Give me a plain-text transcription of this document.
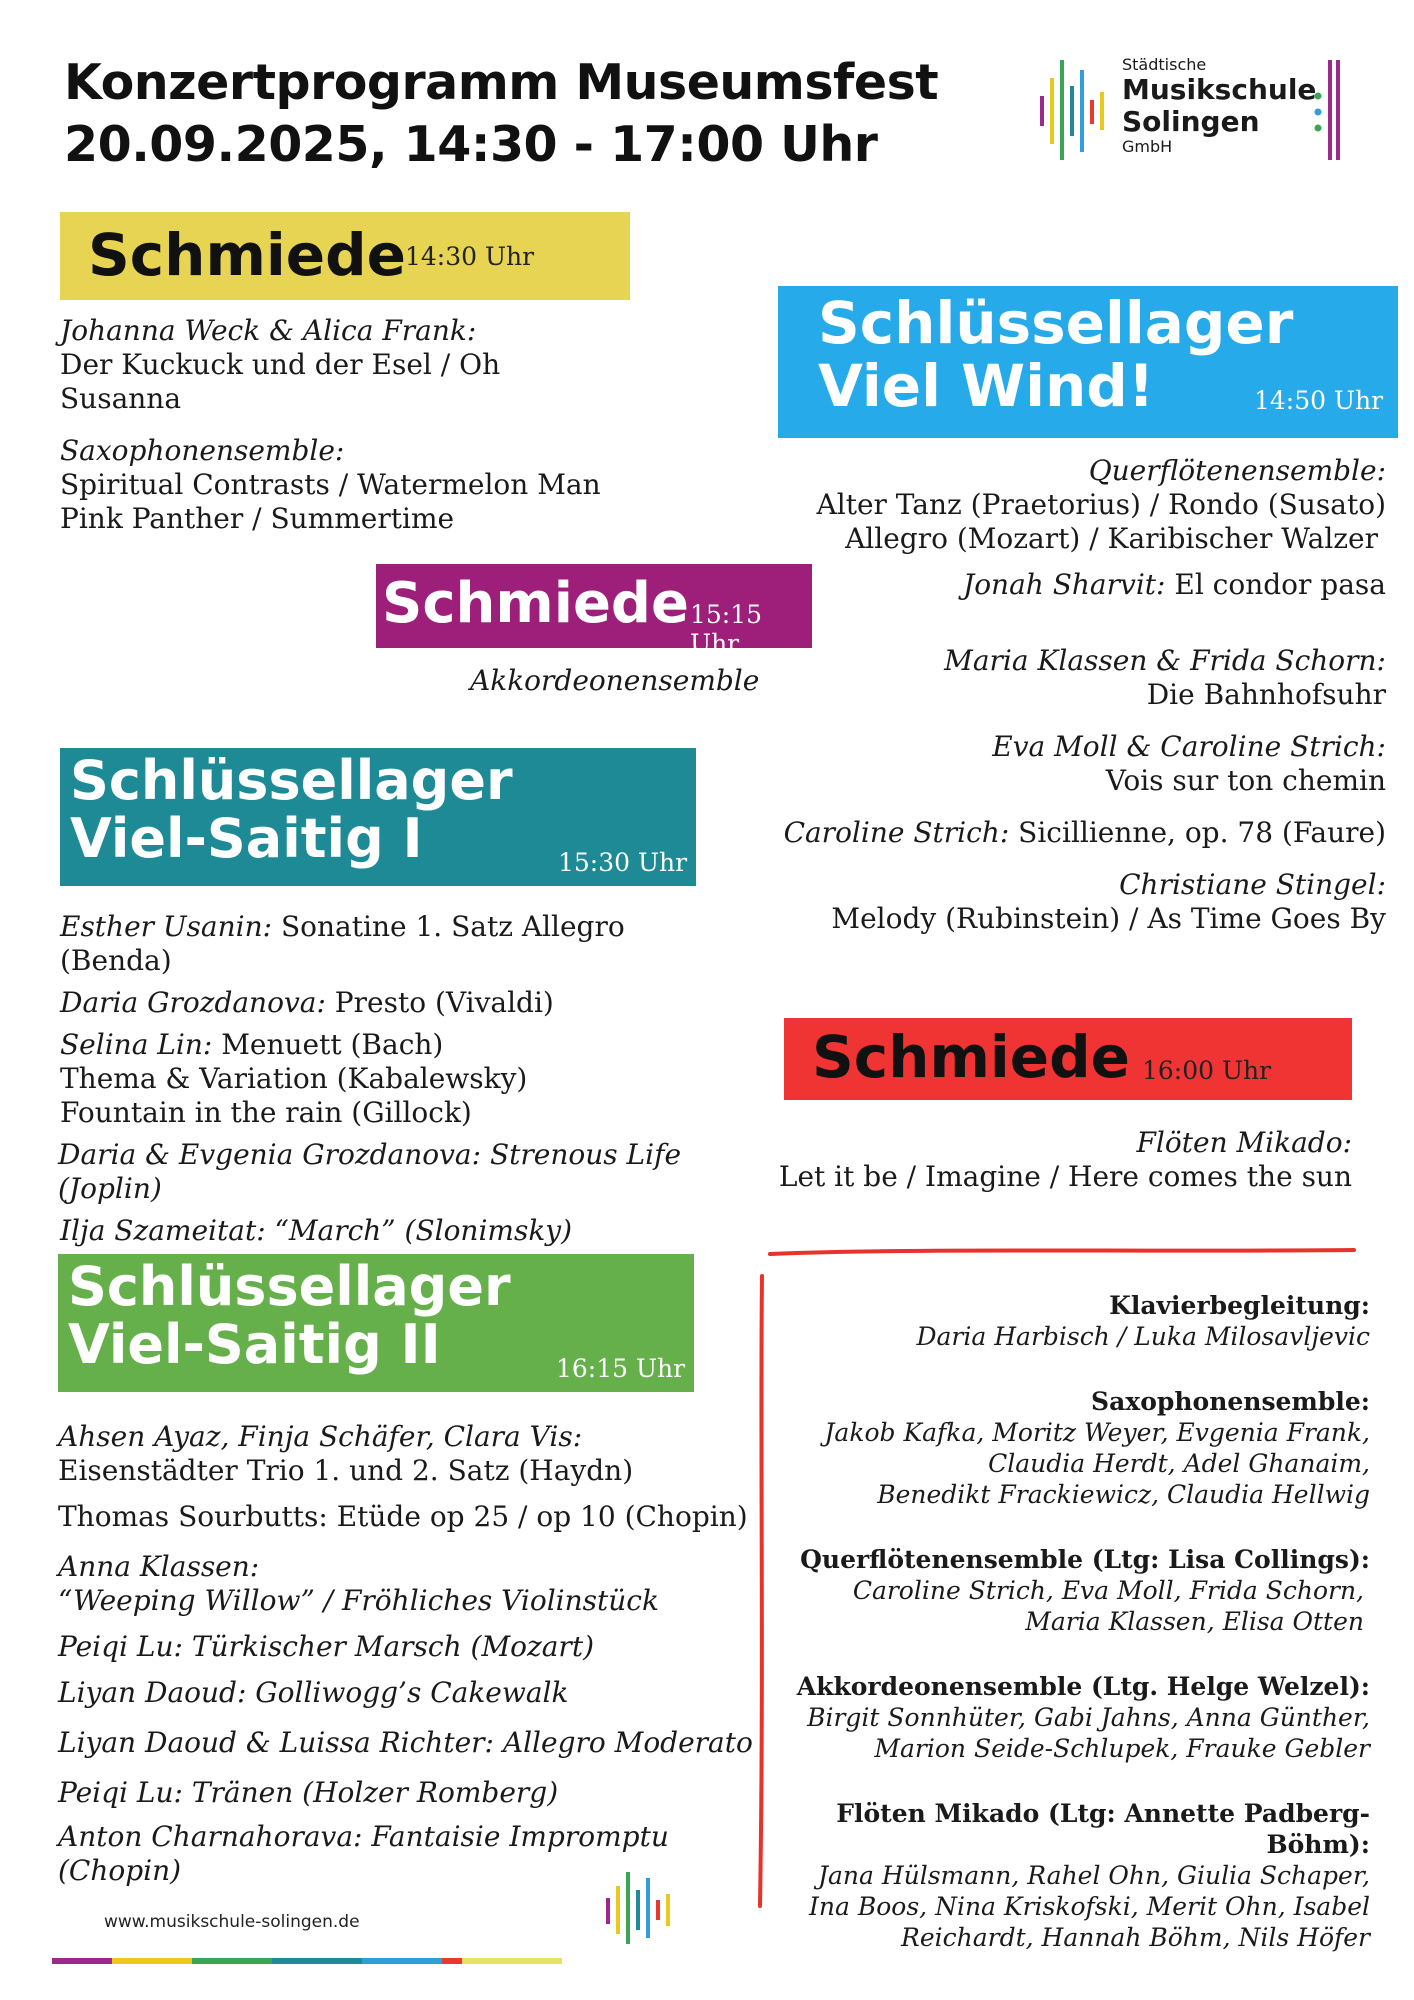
Konzertprogramm Museumsfest
20.09.2025, 14:30 - 17:00 Uhr
Städtische
Musikschule
Solingen
GmbH
Schmiede 14:30 Uhr
Johanna Weck & Alica Frank:
Der Kuckuck und der Esel / Oh Susanna
Saxophonensemble:
Spiritual Contrasts / Watermelon Man
Pink Panther / Summertime
Schmiede 15:15 Uhr
Akkordeonensemble
Schlüssellager
Viel-Saitig I	15:30 Uhr
Esther Usanin: Sonatine 1. Satz Allegro (Benda)
Daria Grozdanova: Presto (Vivaldi)
Selina Lin: Menuett (Bach)
Thema & Variation (Kabalewsky)
Fountain in the rain (Gillock)
Daria & Evgenia Grozdanova: Strenous Life (Joplin)
Ilja Szameitat: “March” (Slonimsky)
Schlüssellager
Viel-Saitig II	16:15 Uhr
Ahsen Ayaz, Finja Schäfer, Clara Vis:
Eisenstädter Trio 1. und 2. Satz (Haydn)
Thomas Sourbutts: Etüde op 25 / op 10 (Chopin)
Anna Klassen:
“Weeping Willow” / Fröhliches Violinstück
Peiqi Lu: Türkischer Marsch (Mozart)
Liyan Daoud: Golliwogg’s Cakewalk
Liyan Daoud & Luissa Richter: Allegro Moderato
Peiqi Lu: Tränen (Holzer Romberg)
Anton Charnahorava: Fantaisie Impromptu (Chopin)
Schlüssellager
Viel Wind!	14:50 Uhr
Querflötenensemble:
Alter Tanz (Praetorius) / Rondo (Susato)
Allegro (Mozart) / Karibischer Walzer
Jonah Sharvit: El condor pasa
Maria Klassen & Frida Schorn:
Die Bahnhofsuhr
Eva Moll & Caroline Strich:
Vois sur ton chemin
Caroline Strich: Sicillienne, op. 78 (Faure)
Christiane Stingel:
Melody (Rubinstein) / As Time Goes By
Schmiede 16:00 Uhr
Flöten Mikado:
Let it be / Imagine / Here comes the sun
Klavierbegleitung:
Daria Harbisch / Luka Milosavljevic
Saxophonensemble:
Jakob Kafka, Moritz Weyer, Evgenia Frank,
Claudia Herdt, Adel Ghanaim,
Benedikt Frackiewicz, Claudia Hellwig
Querflötenensemble (Ltg: Lisa Collings):
Caroline Strich, Eva Moll, Frida Schorn,
Maria Klassen, Elisa Otten
Akkordeonensemble (Ltg. Helge Welzel):
Birgit Sonnhüter, Gabi Jahns, Anna Günther,
Marion Seide-Schlupek, Frauke Gebler
Flöten Mikado (Ltg: Annette Padberg-Böhm):
Jana Hülsmann, Rahel Ohn, Giulia Schaper,
Ina Boos, Nina Kriskofski, Merit Ohn, Isabel
Reichardt, Hannah Böhm, Nils Höfer
www.musikschule-solingen.de
